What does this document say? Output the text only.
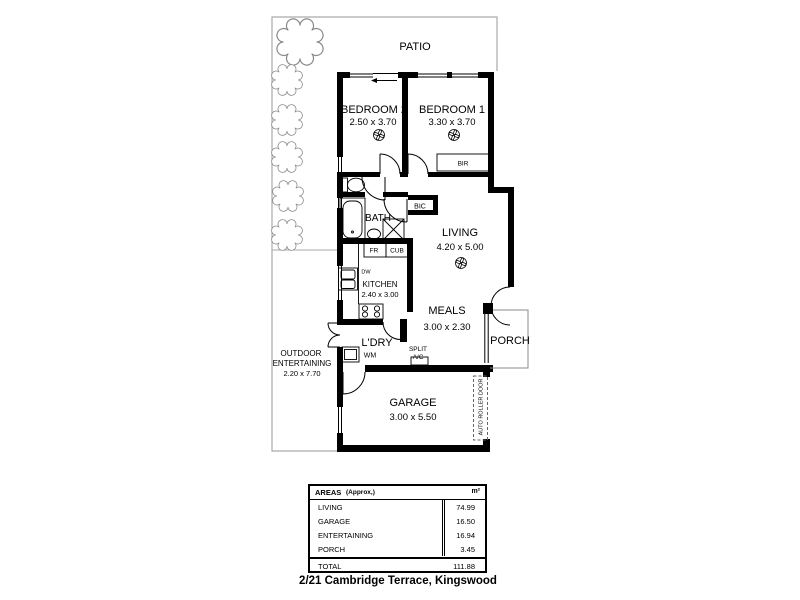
PATIO
BEDROOM 2
2.50 x 3.70
BEDROOM 1
3.30 x 3.70
BIR
BIC
BATH
LIVING
4.20 x 5.00
FR CUB
DW
KITCHEN
2.40 x 3.00
MEALS
3.00 x 2.30
L'DRY
WM
SPLIT
A/C
OUTDOOR
ENTERTAINING
2.20 x 7.70
PORCH
GARAGE
3.00 x 5.50	AUTO ROLLER DOOR
AREAS (Approx,)	m²
LIVING	74.99
GARAGE	16.50
ENTERTAINING	16.94
PORCH	3.45
TOTAL	111.88
2/21 Cambridge Terrace, Kingswood
